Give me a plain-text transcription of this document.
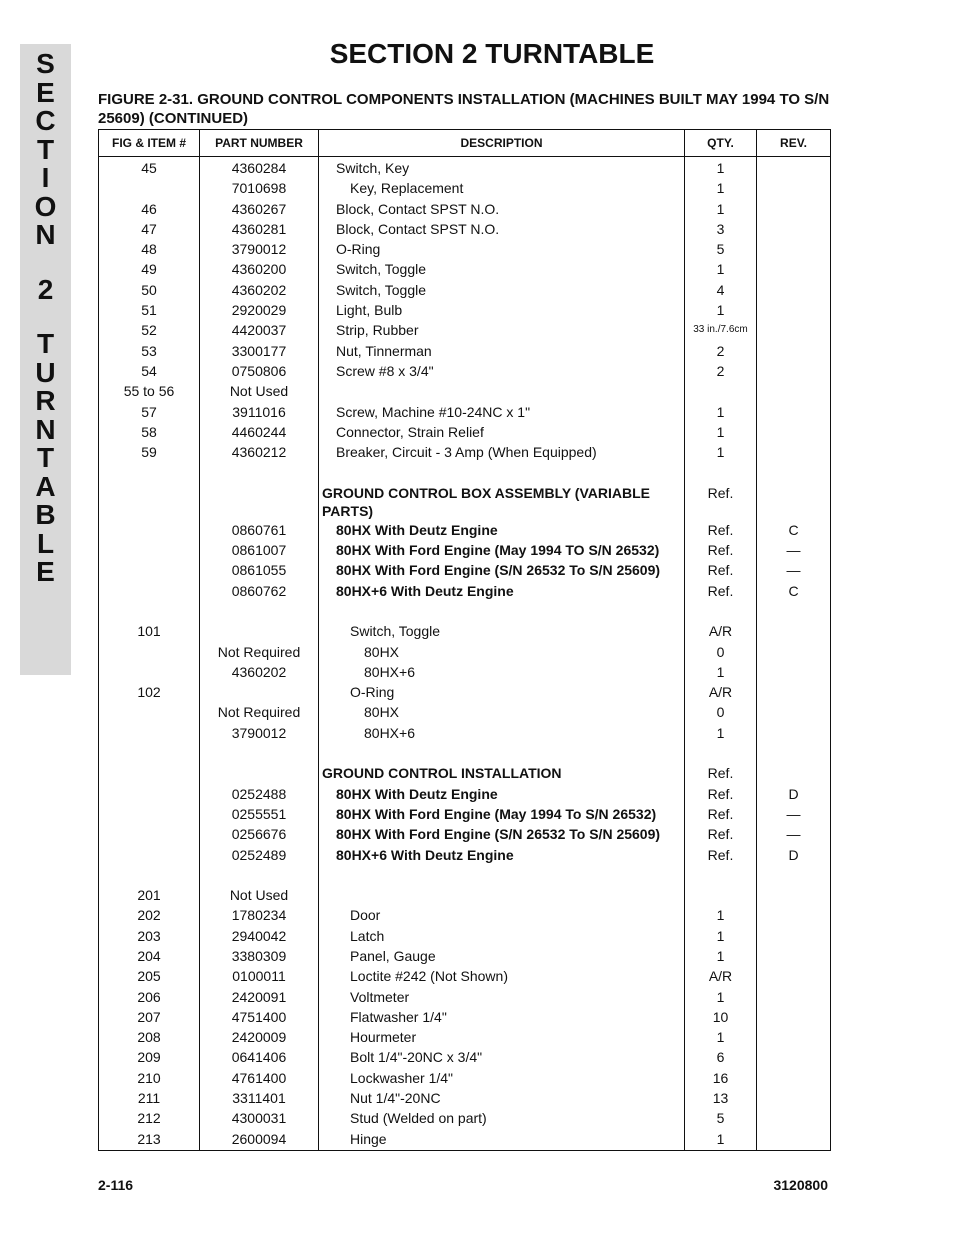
S
E
C
T
I
O
N
2
T
U
R
N
T
A
B
L
E
SECTION 2 TURNTABLE
FIGURE 2-31. GROUND CONTROL COMPONENTS INSTALLATION (MACHINES BUILT MAY 1994 TO S/N 25609) (CONTINUED)
FIG & ITEM #	PART NUMBER	DESCRIPTION	QTY.	REV.
45	4360284	Switch, Key	1	
	7010698	Key, Replacement	1	
46	4360267	Block, Contact SPST N.O.	1	
47	4360281	Block, Contact SPST N.O.	3	
48	3790012	O-Ring	5	
49	4360200	Switch, Toggle	1	
50	4360202	Switch, Toggle	4	
51	2920029	Light, Bulb	1	
52	4420037	Strip, Rubber	33 in./7.6cm	
53	3300177	Nut, Tinnerman	2	
54	0750806	Screw #8 x 3/4"	2	
55 to 56	Not Used	

57	3911016	Screw, Machine #10-24NC x 1"	1	
58	4460244	Connector, Strain Relief	1	
59	4360212	Breaker, Circuit - 3 Amp (When Equipped)	1	

		GROUND CONTROL BOX ASSEMBLY (VARIABLE PARTS)	Ref.	
	0860761	80HX With Deutz Engine	Ref.	C
	0861007	80HX With Ford Engine (May 1994 TO S/N 26532)	Ref.	—
	0861055	80HX With Ford Engine (S/N 26532 To S/N 25609)	Ref.	—
	0860762	80HX+6 With Deutz Engine	Ref.	C

101		Switch, Toggle	A/R	
	Not Required	80HX	0	
	4360202	80HX+6	1	
102		O-Ring	A/R	
	Not Required	80HX	0	
	3790012	80HX+6	1	

		GROUND CONTROL INSTALLATION	Ref.	
	0252488	80HX With Deutz Engine	Ref.	D
	0255551	80HX With Ford Engine (May 1994 To S/N 26532)	Ref.	—
	0256676	80HX With Ford Engine (S/N 26532 To S/N 25609)	Ref.	—
	0252489	80HX+6 With Deutz Engine	Ref.	D

201	Not Used	

202	1780234	Door	1	
203	2940042	Latch	1	
204	3380309	Panel, Gauge	1	
205	0100011	Loctite #242 (Not Shown)	A/R	
206	2420091	Voltmeter	1	
207	4751400	Flatwasher 1/4"	10	
208	2420009	Hourmeter	1	
209	0641406	Bolt 1/4"-20NC x 3/4"	6	
210	4761400	Lockwasher 1/4"	16	
211	3311401	Nut 1/4"-20NC	13	
212	4300031	Stud (Welded on part)	5	
213	2600094	Hinge	1	
2-116	3120800
